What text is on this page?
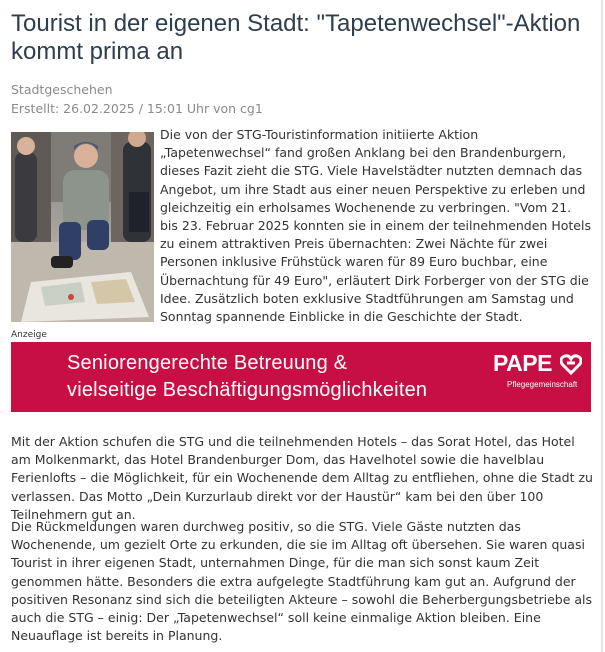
Tourist in der eigenen Stadt: "Tapetenwechsel"-Aktion kommt prima an
Stadtgeschehen
Erstellt: 26.02.2025 / 15:01 Uhr von cg1

Die von der STG-Touristinformation initiierte Aktion „Tapetenwechsel“ fand großen Anklang bei den Brandenburgern, dieses Fazit zieht die STG. Viele Havelstädter nutzten demnach das Angebot, um ihre Stadt aus einer neuen Perspektive zu erleben und gleichzeitig ein erholsames Wochenende zu verbringen. "Vom 21. bis 23. Februar 2025 konnten sie in einem der teilnehmenden Hotels zu einem attraktiven Preis übernachten: Zwei Nächte für zwei Personen inklusive Frühstück waren für 89 Euro buchbar, eine Übernachtung für 49 Euro", erläutert Dirk Forberger von der STG die Idee. Zusätzlich boten exklusive Stadtführungen am Samstag und Sonntag spannende Einblicke in die Geschichte der Stadt.

Anzeige
Seniorengerechte Betreuung &
vielseitige Beschäftigungsmöglichkeiten
PAPE
Pflegegemeinschaft

Mit der Aktion schufen die STG und die teilnehmenden Hotels – das Sorat Hotel, das Hotel am Molkenmarkt, das Hotel Brandenburger Dom, das Havelhotel sowie die havelblau Ferienlofts – die Möglichkeit, für ein Wochenende dem Alltag zu entfliehen, ohne die Stadt zu verlassen. Das Motto „Dein Kurzurlaub direkt vor der Haustür“ kam bei den über 100 Teilnehmern gut an.

Die Rückmeldungen waren durchweg positiv, so die STG. Viele Gäste nutzten das Wochenende, um gezielt Orte zu erkunden, die sie im Alltag oft übersehen. Sie waren quasi Tourist in ihrer eigenen Stadt, unternahmen Dinge, für die man sich sonst kaum Zeit genommen hätte. Besonders die extra aufgelegte Stadtführung kam gut an. Aufgrund der positiven Resonanz sind sich die beteiligten Akteure – sowohl die Beherbergungsbetriebe als auch die STG – einig: Der „Tapetenwechsel“ soll keine einmalige Aktion bleiben. Eine Neuauflage ist bereits in Planung.
